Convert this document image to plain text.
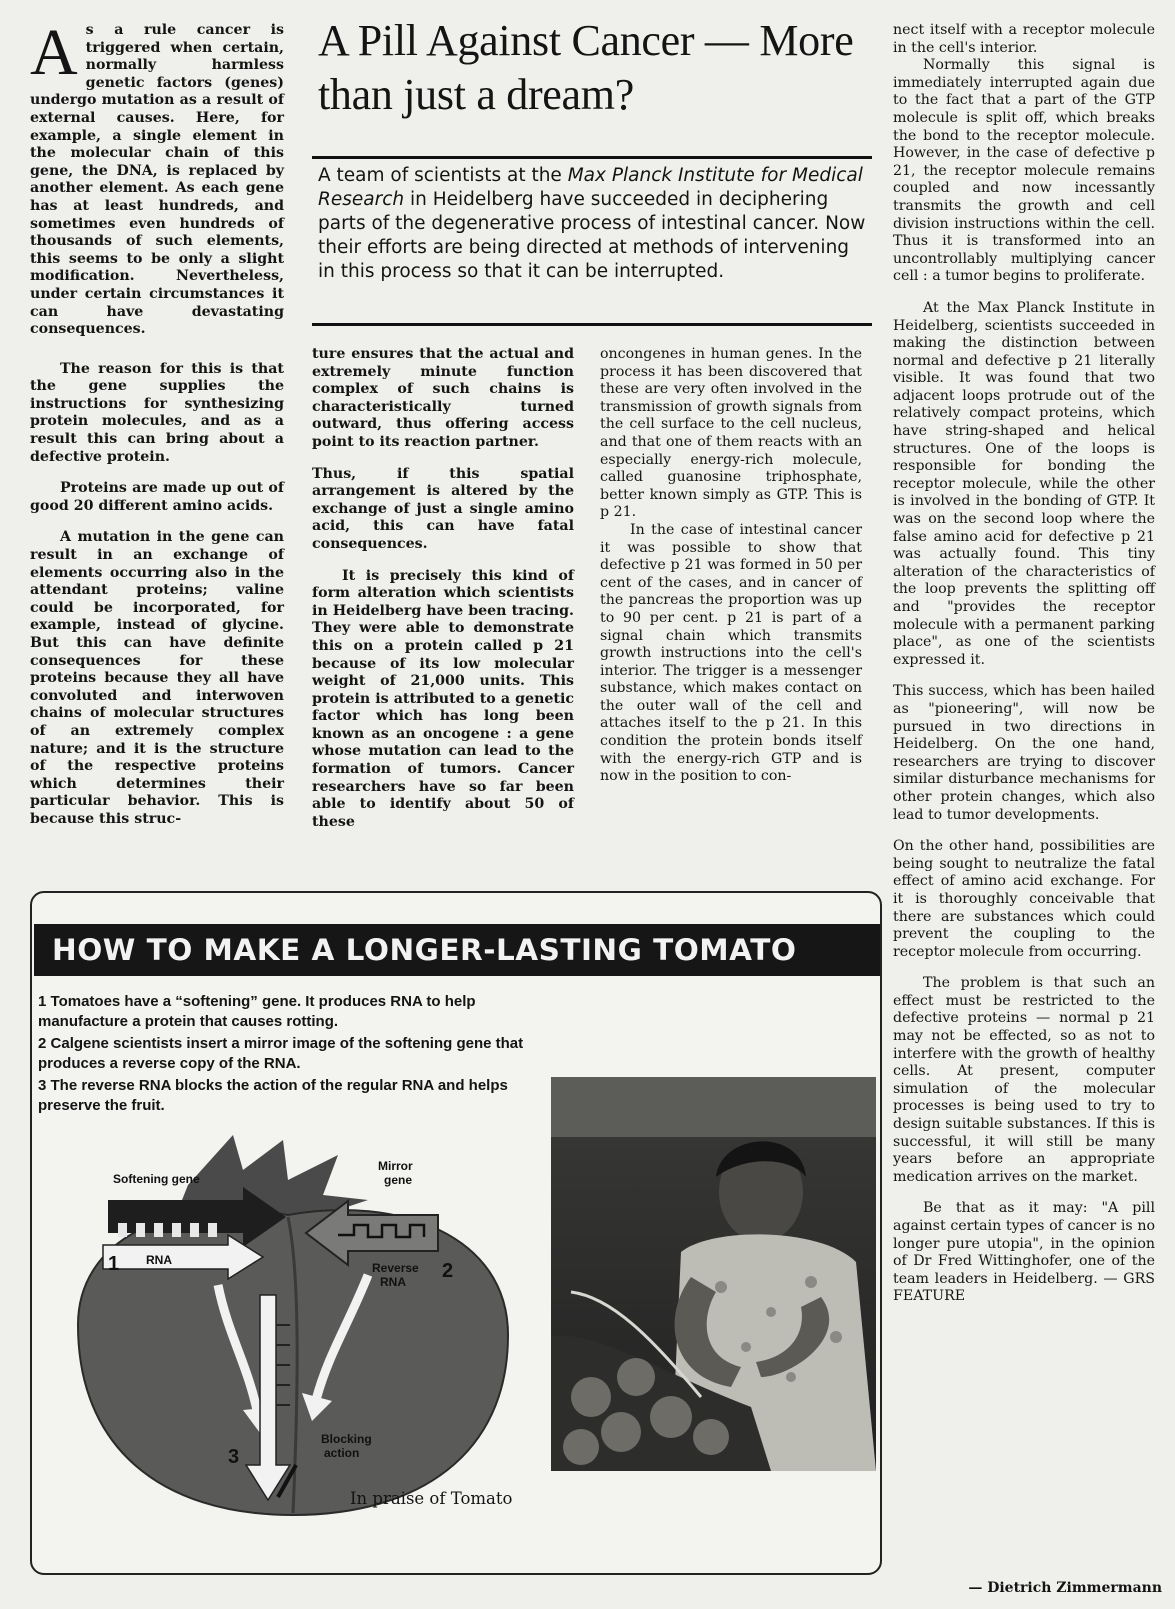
As a rule cancer is triggered when certain, normally harmless genetic factors (genes) undergo mutation as a result of external causes. Here, for example, a single element in the molecular chain of this gene, the DNA, is replaced by another element. As each gene has at least hundreds, and sometimes even hundreds of thousands of such elements, this seems to be only a slight modification. Nevertheless, under certain circumstances it can have devastating consequences.

The reason for this is that the gene supplies the instructions for synthesizing protein molecules, and as a result this can bring about a defective protein.

Proteins are made up out of good 20 different amino acids.

A mutation in the gene can result in an exchange of elements occurring also in the attendant proteins; valine could be incorporated, for example, instead of glycine. But this can have definite consequences for these proteins because they all have convoluted and interwoven chains of molecular structures of an extremely complex nature; and it is the structure of the respective proteins which determines their particular behavior. This is because this struc-

A Pill Against Cancer — More than just a dream?
A team of scientists at the Max Planck Institute for Medical Research in Heidelberg have succeeded in deciphering parts of the degenerative process of intestinal cancer. Now their efforts are being directed at methods of intervening in this process so that it can be interrupted.

ture ensures that the actual and extremely minute function complex of such chains is characteristically turned outward, thus offering access point to its reaction partner.

Thus, if this spatial arrangement is altered by the exchange of just a single amino acid, this can have fatal consequences.

It is precisely this kind of form alteration which scientists in Heidelberg have been tracing. They were able to demonstrate this on a protein called p 21 because of its low molecular weight of 21,000 units. This protein is attributed to a genetic factor which has long been known as an oncogene : a gene whose mutation can lead to the formation of tumors. Cancer researchers have so far been able to identify about 50 of these

oncongenes in human genes. In the process it has been discovered that these are very often involved in the transmission of growth signals from the cell surface to the cell nucleus, and that one of them reacts with an especially energy-rich molecule, called guanosine triphosphate, better known simply as GTP. This is p 21.

In the case of intestinal cancer it was possible to show that defective p 21 was formed in 50 per cent of the cases, and in cancer of the pancreas the proportion was up to 90 per cent. p 21 is part of a signal chain which transmits growth instructions into the cell's interior. The trigger is a messenger substance, which makes contact on the outer wall of the cell and attaches itself to the p 21. In this condition the protein bonds itself with the energy-rich GTP and is now in the position to con-

nect itself with a receptor molecule in the cell's interior.

Normally this signal is immediately interrupted again due to the fact that a part of the GTP molecule is split off, which breaks the bond to the receptor molecule. However, in the case of defective p 21, the receptor molecule remains coupled and now incessantly transmits the growth and cell division instructions within the cell. Thus it is transformed into an uncontrollably multiplying cancer cell : a tumor begins to proliferate.

At the Max Planck Institute in Heidelberg, scientists succeeded in making the distinction between normal and defective p 21 literally visible. It was found that two adjacent loops protrude out of the relatively compact proteins, which have string-shaped and helical structures. One of the loops is responsible for bonding the receptor molecule, while the other is involved in the bonding of GTP. It was on the second loop where the false amino acid for defective p 21 was actually found. This tiny alteration of the characteristics of the loop prevents the splitting off and "provides the receptor molecule with a permanent parking place", as one of the scientists expressed it.

This success, which has been hailed as "pioneering", will now be pursued in two directions in Heidelberg. On the one hand, researchers are trying to discover similar disturbance mechanisms for other protein changes, which also lead to tumor developments.

On the other hand, possibilities are being sought to neutralize the fatal effect of amino acid exchange. For it is thoroughly conceivable that there are substances which could prevent the coupling to the receptor molecule from occurring.

The problem is that such an effect must be restricted to the defective proteins — normal p 21 may not be effected, so as not to interfere with the growth of healthy cells. At present, computer simulation of the molecular processes is being used to try to design suitable substances. If this is successful, it will still be many years before an appropriate medication arrives on the market.

Be that as it may: "A pill against certain types of cancer is no longer pure utopia", in the opinion of Dr Fred Wittinghofer, one of the team leaders in Heidelberg. — GRS FEATURE

— Dietrich Zimmermann
HOW TO MAKE A LONGER-LASTING TOMATO
1 Tomatoes have a “softening” gene. It produces RNA to help manufacture a protein that causes rotting.
2 Calgene scientists insert a mirror image of the softening gene that produces a reverse copy of the RNA.
3 The reverse RNA blocks the action of the regular RNA and helps preserve the fruit.
Softening gene
Mirror
gene
RNA
Reverse
RNA
Blocking
action
1	2
3
In praise of Tomato
